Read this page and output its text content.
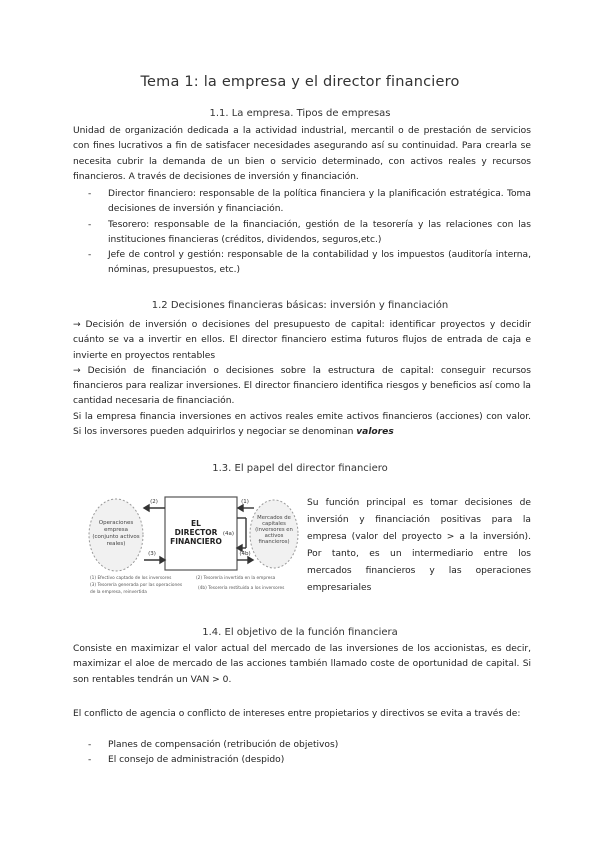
Tema 1: la empresa y el director financiero
1.1. La empresa. Tipos de empresas

Unidad de organización dedicada a la actividad industrial, mercantil o de prestación de servicios con fines lucrativos a fin de satisfacer necesidades asegurando así su continuidad. Para crearla se necesita cubrir la demanda de un bien o servicio determinado, con activos reales y recursos financieros. A través de decisiones de inversión y financiación.

-	Director financiero: responsable de la política financiera y la planificación estratégica. Toma decisiones de inversión y financiación.
-	Tesorero: responsable de la financiación, gestión de la tesorería y las relaciones con las instituciones financieras (créditos, dividendos, seguros,etc.)
-	Jefe de control y gestión: responsable de la contabilidad y los impuestos (auditoría interna, nóminas, presupuestos, etc.)
1.2 Decisiones financieras básicas: inversión y financiación

→ Decisión de inversión o decisiones del presupuesto de capital: identificar proyectos y decidir cuánto se va a invertir en ellos. El director financiero estima futuros flujos de entrada de caja e invierte en proyectos rentables

→ Decisión de financiación o decisiones sobre la estructura de capital: conseguir recursos financieros para realizar inversiones. El director financiero identifica riesgos y beneficios así como la cantidad necesaria de financiación.

Si la empresa financia inversiones en activos reales emite activos financieros (acciones) con valor. Si los inversores pueden adquirirlos y negociar se denominan valores

1.3. El papel del director financiero
Operaciones
empresa
(conjunto activos
reales)
EL
DIRECTOR
FINANCIERO
Mercados de
capitales
(inversores en
activos
financieros)
(2)	(1)
(3)	(4b)
(4a)
(1) Efectivo captado de los inversores	(2) Tesorería invertida en la empresa
(3) Tesorería generada por las operaciones
de la empresa, reinvertida
(4b) Tesorería restituida a los inversores
Su función principal es tomar decisiones de inversión y financiación positivas para la empresa (valor del proyecto > a la inversión). Por tanto, es un intermediario entre los mercados financieros y las operaciones empresariales
1.4. El objetivo de la función financiera

Consiste en maximizar el valor actual del mercado de las inversiones de los accionistas, es decir, maximizar el aloe de mercado de las acciones también llamado coste de oportunidad de capital. Si son rentables tendrán un VAN > 0.

El conflicto de agencia o conflicto de intereses entre propietarios y directivos se evita a través de:

-	Planes de compensación (retribución de objetivos)
-	El consejo de administración (despido)
